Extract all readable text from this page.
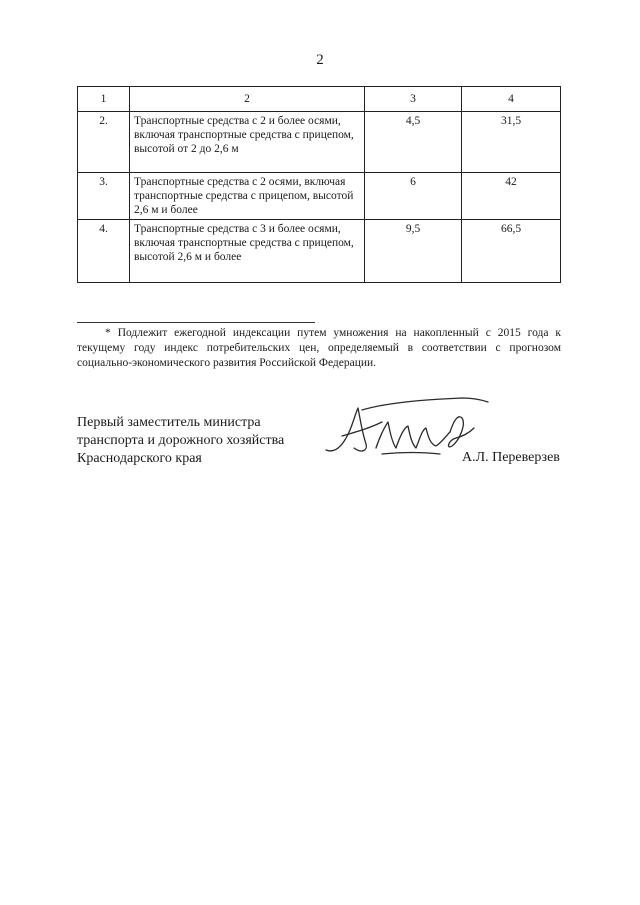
2
1	2	3	4
2.	Транспортные средства с 2 и более осями, включая транспортные средства с прицепом, высотой от 2 до 2,6 м	4,5	31,5
3.	Транспортные средства с 2 осями, включая транспортные средства с прицепом, высотой 2,6 м и более	6	42
4.	Транспортные средства с 3 и более осями, включая транспортные средства с прицепом, высотой 2,6 м и более	9,5	66,5
* Подлежит ежегодной индексации путем умножения на накопленный с 2015 года к текущему году индекс потребительских цен, определяемый в соответствии с прогнозом социально-экономического развития Российской Федерации.
Первый заместитель министра
транспорта и дорожного хозяйства
Краснодарского края	А.Л. Переверзев
